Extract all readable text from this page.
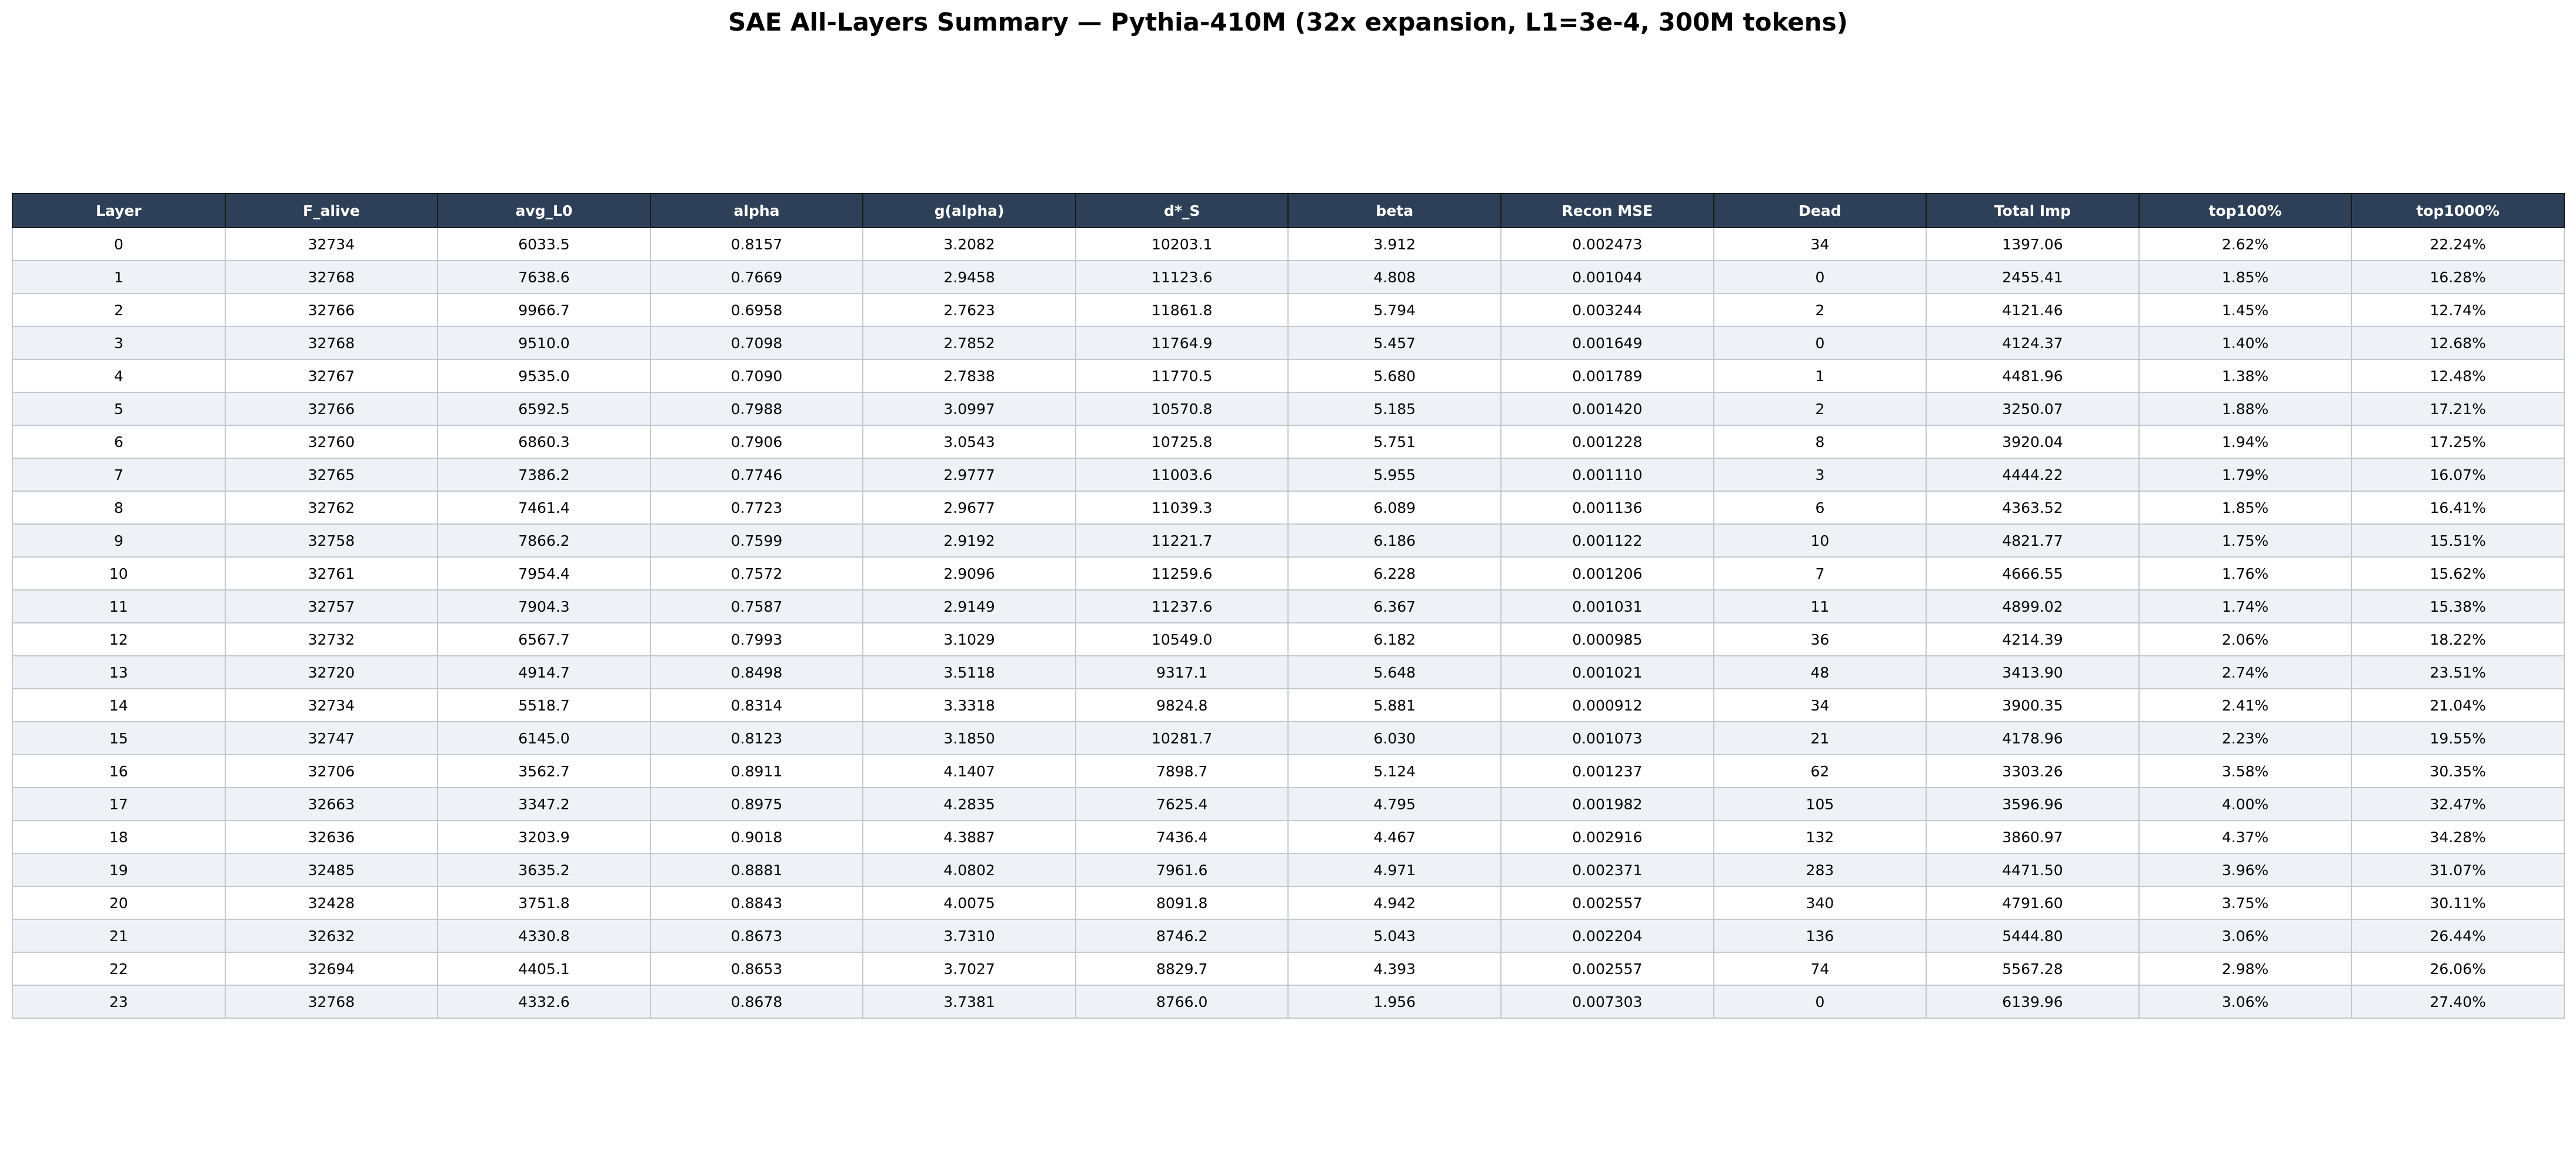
SAE All-Layers Summary — Pythia-410M (32x expansion, L1=3e-4, 300M tokens)
Layer	F_alive	avg_L0	alpha	g(alpha)	d*_S	beta	Recon MSE	Dead	Total Imp	top100%	top1000%
0	32734	6033.5	0.8157	3.2082	10203.1	3.912	0.002473	34	1397.06	2.62%	22.24%
1	32768	7638.6	0.7669	2.9458	11123.6	4.808	0.001044	0	2455.41	1.85%	16.28%
2	32766	9966.7	0.6958	2.7623	11861.8	5.794	0.003244	2	4121.46	1.45%	12.74%
3	32768	9510.0	0.7098	2.7852	11764.9	5.457	0.001649	0	4124.37	1.40%	12.68%
4	32767	9535.0	0.7090	2.7838	11770.5	5.680	0.001789	1	4481.96	1.38%	12.48%
5	32766	6592.5	0.7988	3.0997	10570.8	5.185	0.001420	2	3250.07	1.88%	17.21%
6	32760	6860.3	0.7906	3.0543	10725.8	5.751	0.001228	8	3920.04	1.94%	17.25%
7	32765	7386.2	0.7746	2.9777	11003.6	5.955	0.001110	3	4444.22	1.79%	16.07%
8	32762	7461.4	0.7723	2.9677	11039.3	6.089	0.001136	6	4363.52	1.85%	16.41%
9	32758	7866.2	0.7599	2.9192	11221.7	6.186	0.001122	10	4821.77	1.75%	15.51%
10	32761	7954.4	0.7572	2.9096	11259.6	6.228	0.001206	7	4666.55	1.76%	15.62%
11	32757	7904.3	0.7587	2.9149	11237.6	6.367	0.001031	11	4899.02	1.74%	15.38%
12	32732	6567.7	0.7993	3.1029	10549.0	6.182	0.000985	36	4214.39	2.06%	18.22%
13	32720	4914.7	0.8498	3.5118	9317.1	5.648	0.001021	48	3413.90	2.74%	23.51%
14	32734	5518.7	0.8314	3.3318	9824.8	5.881	0.000912	34	3900.35	2.41%	21.04%
15	32747	6145.0	0.8123	3.1850	10281.7	6.030	0.001073	21	4178.96	2.23%	19.55%
16	32706	3562.7	0.8911	4.1407	7898.7	5.124	0.001237	62	3303.26	3.58%	30.35%
17	32663	3347.2	0.8975	4.2835	7625.4	4.795	0.001982	105	3596.96	4.00%	32.47%
18	32636	3203.9	0.9018	4.3887	7436.4	4.467	0.002916	132	3860.97	4.37%	34.28%
19	32485	3635.2	0.8881	4.0802	7961.6	4.971	0.002371	283	4471.50	3.96%	31.07%
20	32428	3751.8	0.8843	4.0075	8091.8	4.942	0.002557	340	4791.60	3.75%	30.11%
21	32632	4330.8	0.8673	3.7310	8746.2	5.043	0.002204	136	5444.80	3.06%	26.44%
22	32694	4405.1	0.8653	3.7027	8829.7	4.393	0.002557	74	5567.28	2.98%	26.06%
23	32768	4332.6	0.8678	3.7381	8766.0	1.956	0.007303	0	6139.96	3.06%	27.40%
